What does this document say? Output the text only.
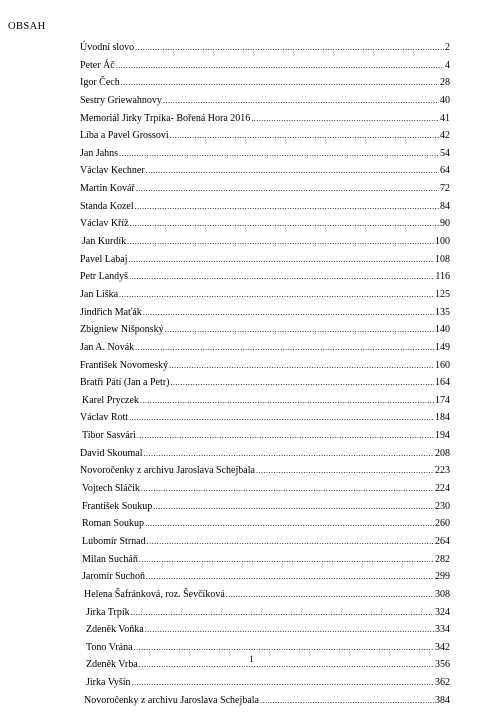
OBSAH
Úvodní slovo .....	2
Peter Áč .....	4
Igor Čech .....	28
Sestry Griewahnovy .....	40
Memoriál Jirky Trpíka- Bořená Hora 2016 .....	41
Líba a Pavel Grossovi .....	42
Jan Jahns .....	54
Václav Kechner .....	64
Martin Kovář .....	72
Standa Kozel .....	84
Václav Kříž .....	90
Jan Kurdík .....	100
Pavel Labaj .....	108
Petr Landyš .....	116
Jan Liška .....	125
Jindřich Maťák .....	135
Zbigniew Nišponský .....	140
Jan A. Novák .....	149
František Novomeský .....	160
Bratři Pátí (Jan a Petr) .....	164
Karel Pryczek .....	174
Václav Rott .....	184
Tibor Sasvári .....	194
David Skoumal .....	208
Novoročenky z archivu Jaroslava Schejbala .....	223
Vojtech Sláčik .....	224
František Soukup .....	230
Roman Soukup .....	260
Lubomír Strnad .....	264
Milan Sucháň .....	282
Jaromír Suchoň .....	299
Helena Šafránková, roz. Ševčíková .....	308
Jirka Trpík .....	324
Zdeněk Voňka .....	334
Tono Vrána .....	342
Zdeněk Vrba .....	356
Jirka Vyšín .....	362
Novoročenky z archivu Jaroslava Schejbala .....	384
1
